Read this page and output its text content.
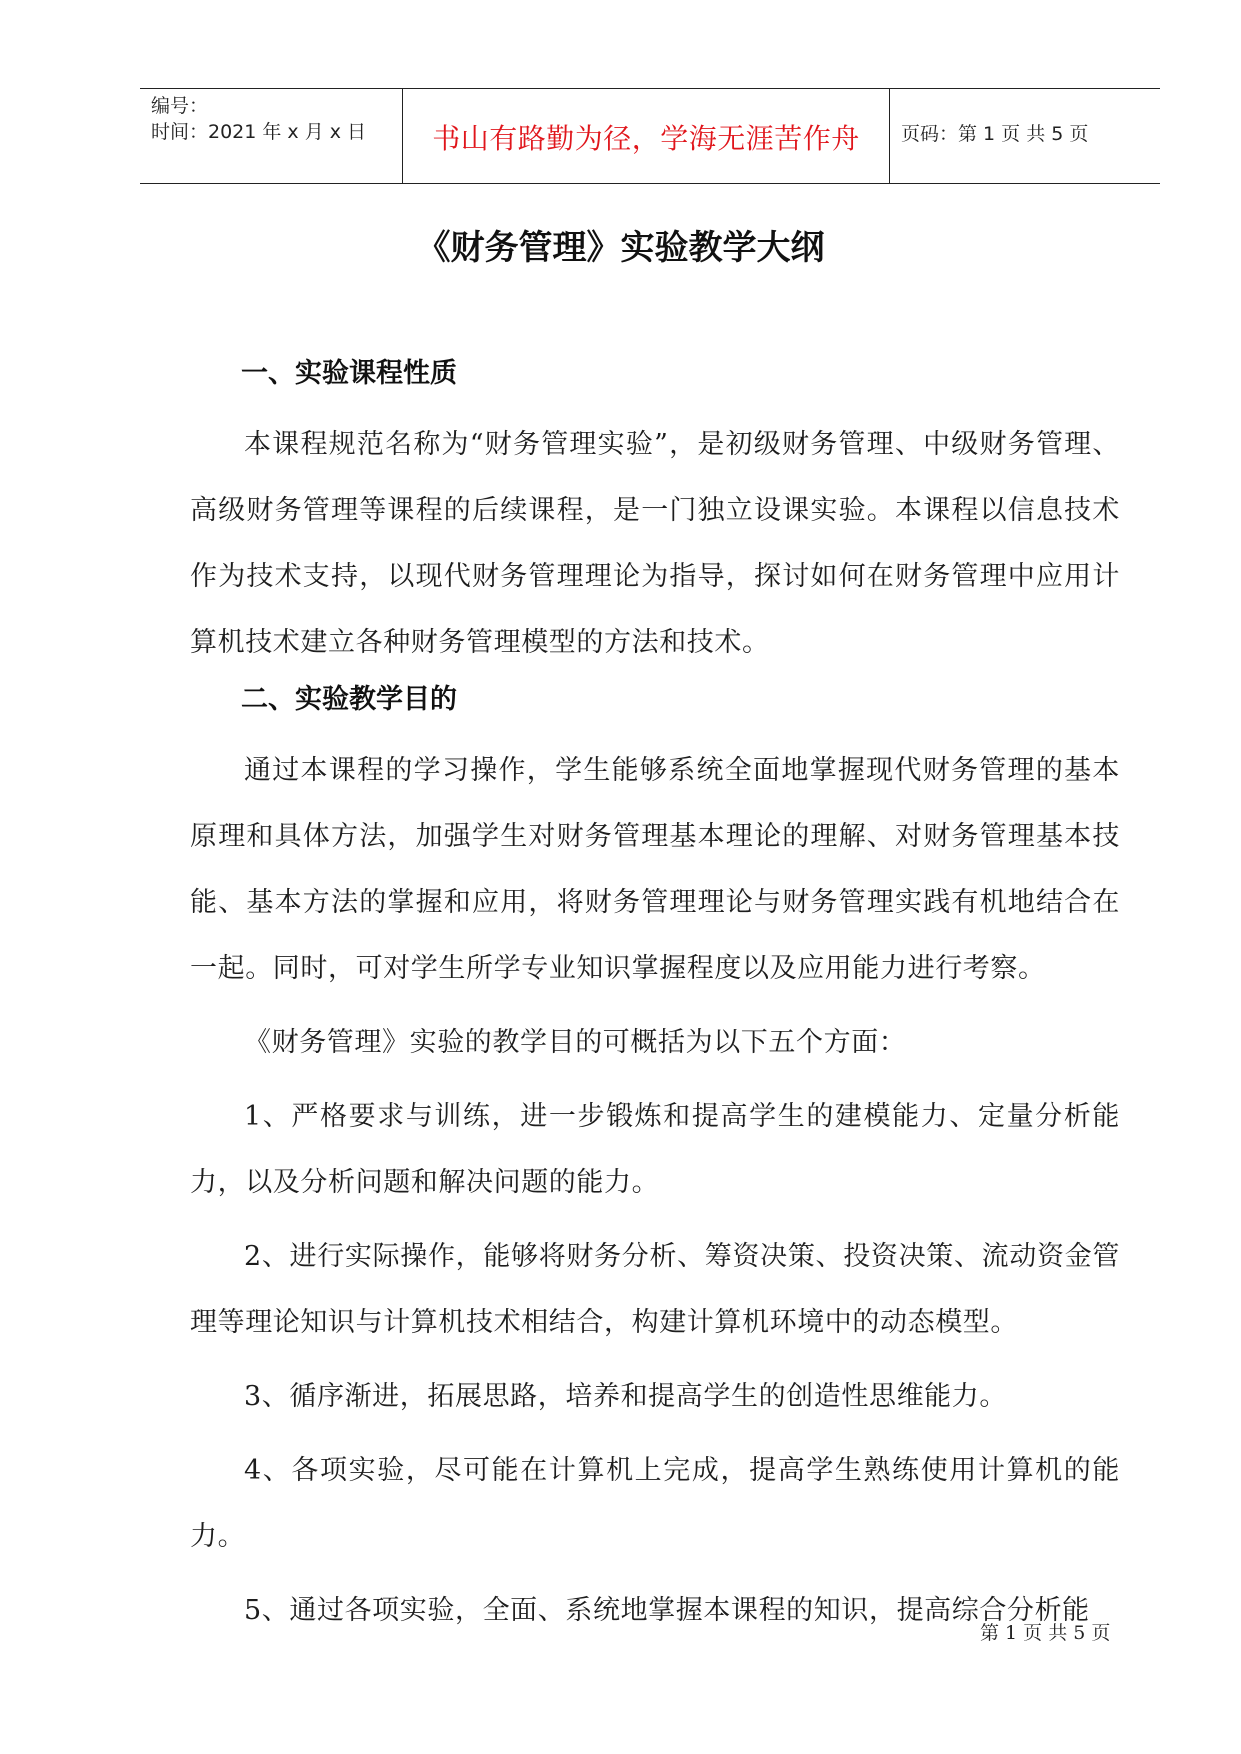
编号：
时间：2021 年 x 月 x 日	书山有路勤为径，学海无涯苦作舟	页码：第 1 页 共 5 页
《财务管理》实验教学大纲
一、实验课程性质

本课程规范名称为“财务管理实验”，是初级财务管理、中级财务管理、高级财务管理等课程的后续课程，是一门独立设课实验。本课程以信息技术作为技术支持，以现代财务管理理论为指导，探讨如何在财务管理中应用计算机技术建立各种财务管理模型的方法和技术。

二、实验教学目的

通过本课程的学习操作，学生能够系统全面地掌握现代财务管理的基本原理和具体方法，加强学生对财务管理基本理论的理解、对财务管理基本技能、基本方法的掌握和应用，将财务管理理论与财务管理实践有机地结合在一起。同时，可对学生所学专业知识掌握程度以及应用能力进行考察。

《财务管理》实验的教学目的可概括为以下五个方面：

1、严格要求与训练，进一步锻炼和提高学生的建模能力、定量分析能力，以及分析问题和解决问题的能力。

2、进行实际操作，能够将财务分析、筹资决策、投资决策、流动资金管理等理论知识与计算机技术相结合，构建计算机环境中的动态模型。

3、循序渐进，拓展思路，培养和提高学生的创造性思维能力。

4、各项实验，尽可能在计算机上完成，提高学生熟练使用计算机的能力。

5、通过各项实验，全面、系统地掌握本课程的知识，提高综合分析能

第 1 页 共 5 页
